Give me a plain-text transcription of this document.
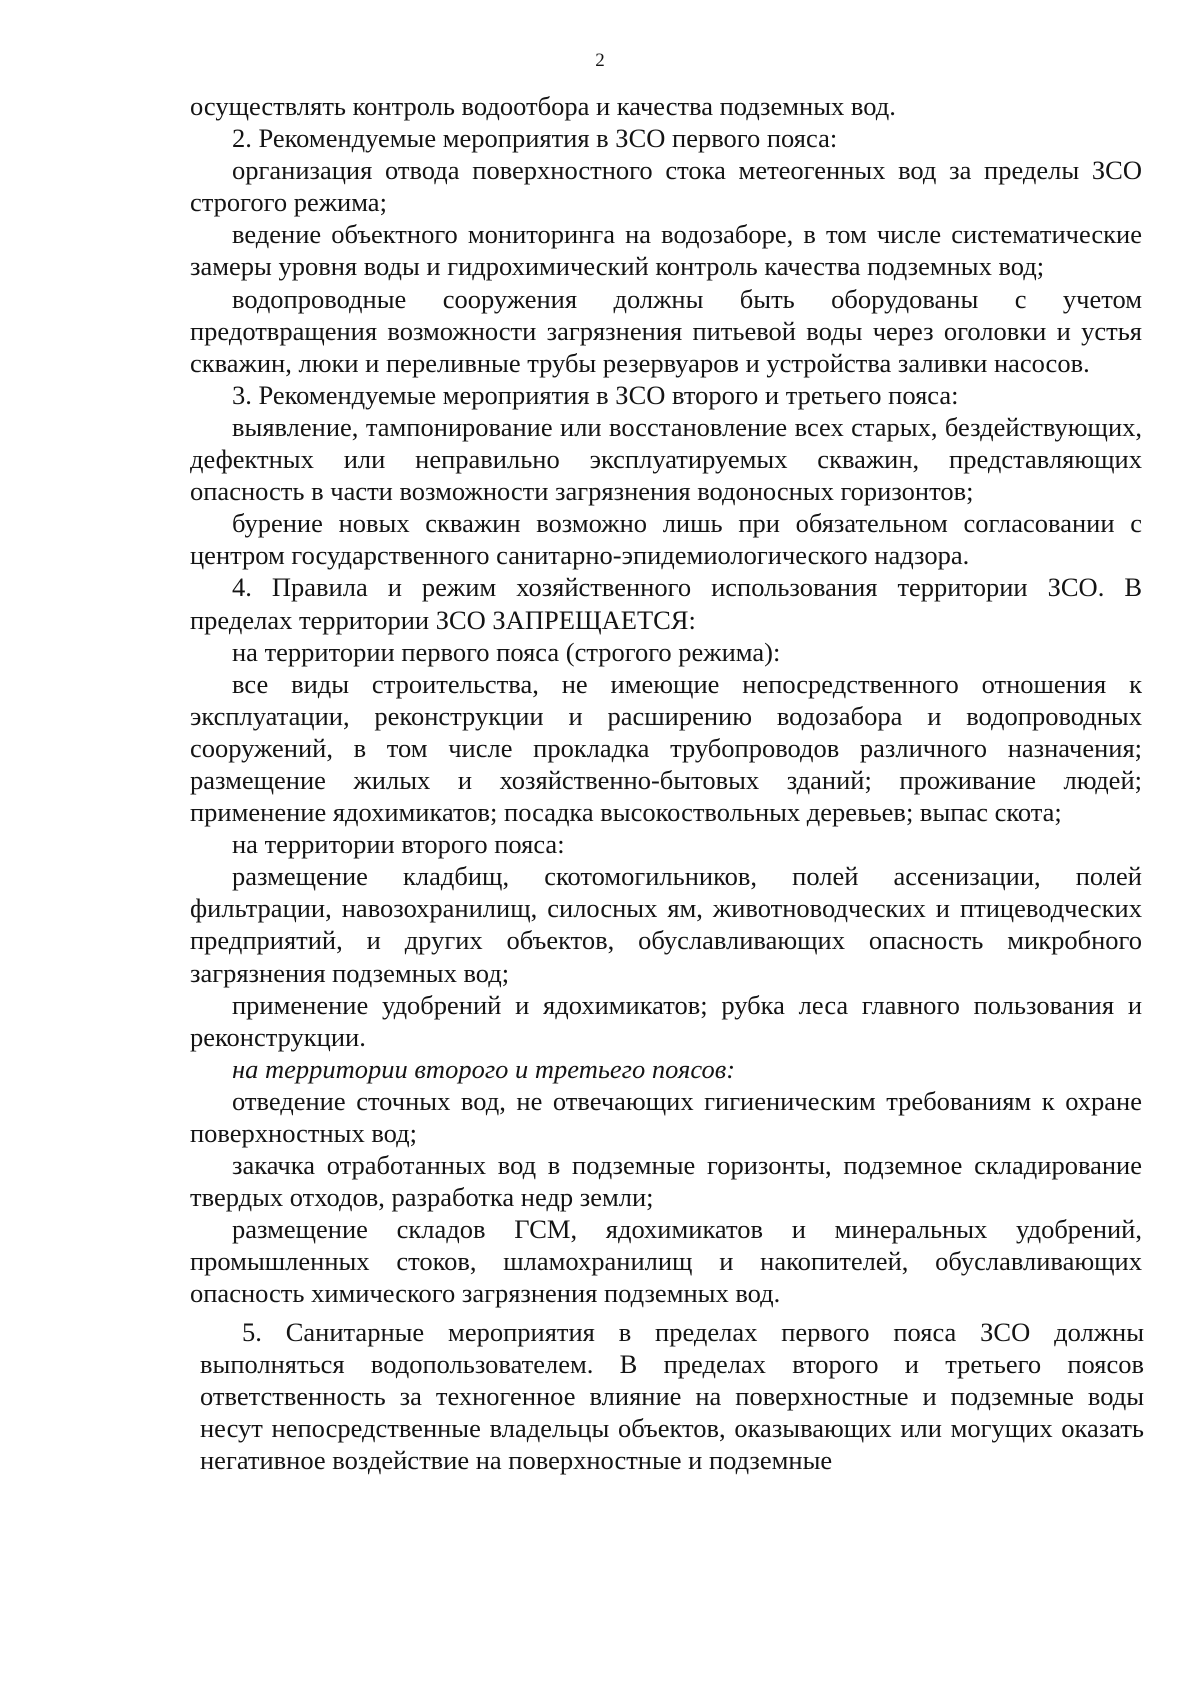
2

осуществлять контроль водоотбора и качества подземных вод.

2. Рекомендуемые мероприятия в ЗСО первого пояса:

организация отвода поверхностного стока метеогенных вод за пределы ЗСО строгого режима;

ведение объектного мониторинга на водозаборе, в том числе систематические замеры уровня воды и гидрохимический контроль качества подземных вод;

водопроводные сооружения должны быть оборудованы с учетом предотвращения возможности загрязнения питьевой воды через оголовки и устья скважин, люки и переливные трубы резервуаров и устройства заливки насосов.

3. Рекомендуемые мероприятия в ЗСО второго и третьего пояса:

выявление, тампонирование или восстановление всех старых, бездействующих, дефектных или неправильно эксплуатируемых скважин, представляющих опасность в части возможности загрязнения водоносных горизонтов;

бурение новых скважин возможно лишь при обязательном согласовании с центром государственного санитарно-эпидемиологического надзора.

4. Правила и режим хозяйственного использования территории ЗСО. В пределах территории ЗСО ЗАПРЕЩАЕТСЯ:

на территории первого пояса (строгого режима):

все виды строительства, не имеющие непосредственного отношения к эксплуатации, реконструкции и расширению водозабора и водопроводных сооружений, в том числе прокладка трубопроводов различного назначения; размещение жилых и хозяйственно-бытовых зданий; проживание людей; применение ядохимикатов; посадка высокоствольных деревьев; выпас скота;

на территории второго пояса:

размещение кладбищ, скотомогильников, полей ассенизации, полей фильтрации, навозохранилищ, силосных ям, животноводческих и птицеводческих предприятий, и других объектов, обуславливающих опасность микробного загрязнения подземных вод;

применение удобрений и ядохимикатов; рубка леса главного пользования и реконструкции.

на территории второго и третьего поясов:

отведение сточных вод, не отвечающих гигиеническим требованиям к охране поверхностных вод;

закачка отработанных вод в подземные горизонты, подземное складирование твердых отходов, разработка недр земли;

размещение складов ГСМ, ядохимикатов и минеральных удобрений, промышленных стоков, шламохранилищ и накопителей, обуславливающих опасность химического загрязнения подземных вод.

5. Санитарные мероприятия в пределах первого пояса ЗСО должны выполняться водопользователем. В пределах второго и третьего поясов ответственность за техногенное влияние на поверхностные и подземные воды несут непосредственные владельцы объектов, оказывающих или могущих оказать негативное воздействие на поверхностные и подземные
